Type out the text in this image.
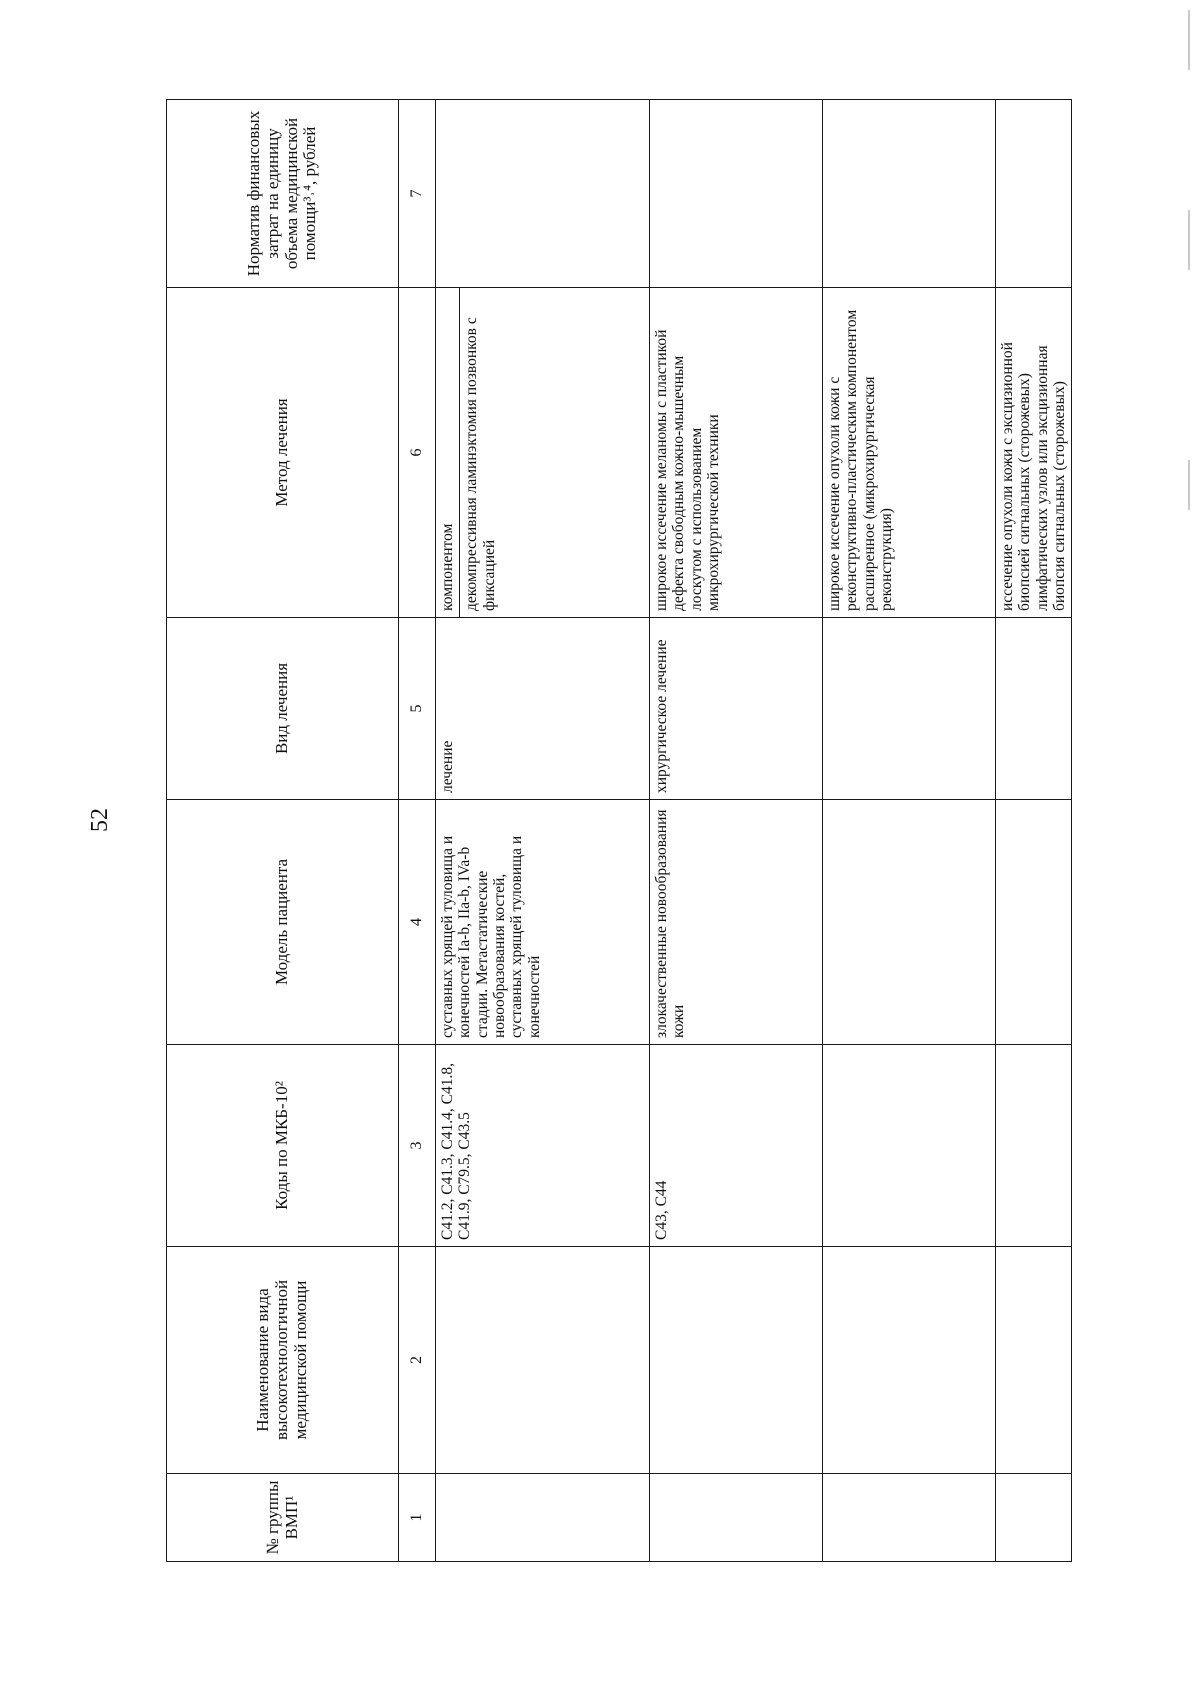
52
№ группы ВМП¹	Наименование вида высокотехнологичной медицинской помощи	Коды по МКБ-10²	Модель пациента	Вид лечения	Метод лечения	Норматив финансовых затрат на единицу объема медицинской помощи³˒⁴, рублей
1	2	3	4	5	6	7
		C41.2, C41.3, C41.4, C41.8, C41.9, C79.5, C43.5	суставных хрящей туловища и конечностей Ia-b, IIa-b, IVa-b стадии. Метастатические новообразования костей, суставных хрящей туловища и конечностей	лечение	компонентом декомпрессивная ламинэктомия позвонков с фиксацией	

		C43, C44	злокачественные новообразования кожи	хирургическое лечение	широкое иссечение меланомы с пластикой дефекта свободным кожно-мышечным лоскутом с использованием микрохирургической техники	
					широкое иссечение опухоли кожи с реконструктивно-пластическим компонентом расширенное (микрохирургическая реконструкция)	
					иссечение опухоли кожи с эксцизионной биопсией сигнальных (сторожевых) лимфатических узлов или эксцизионная биопсия сигнальных (сторожевых)	
